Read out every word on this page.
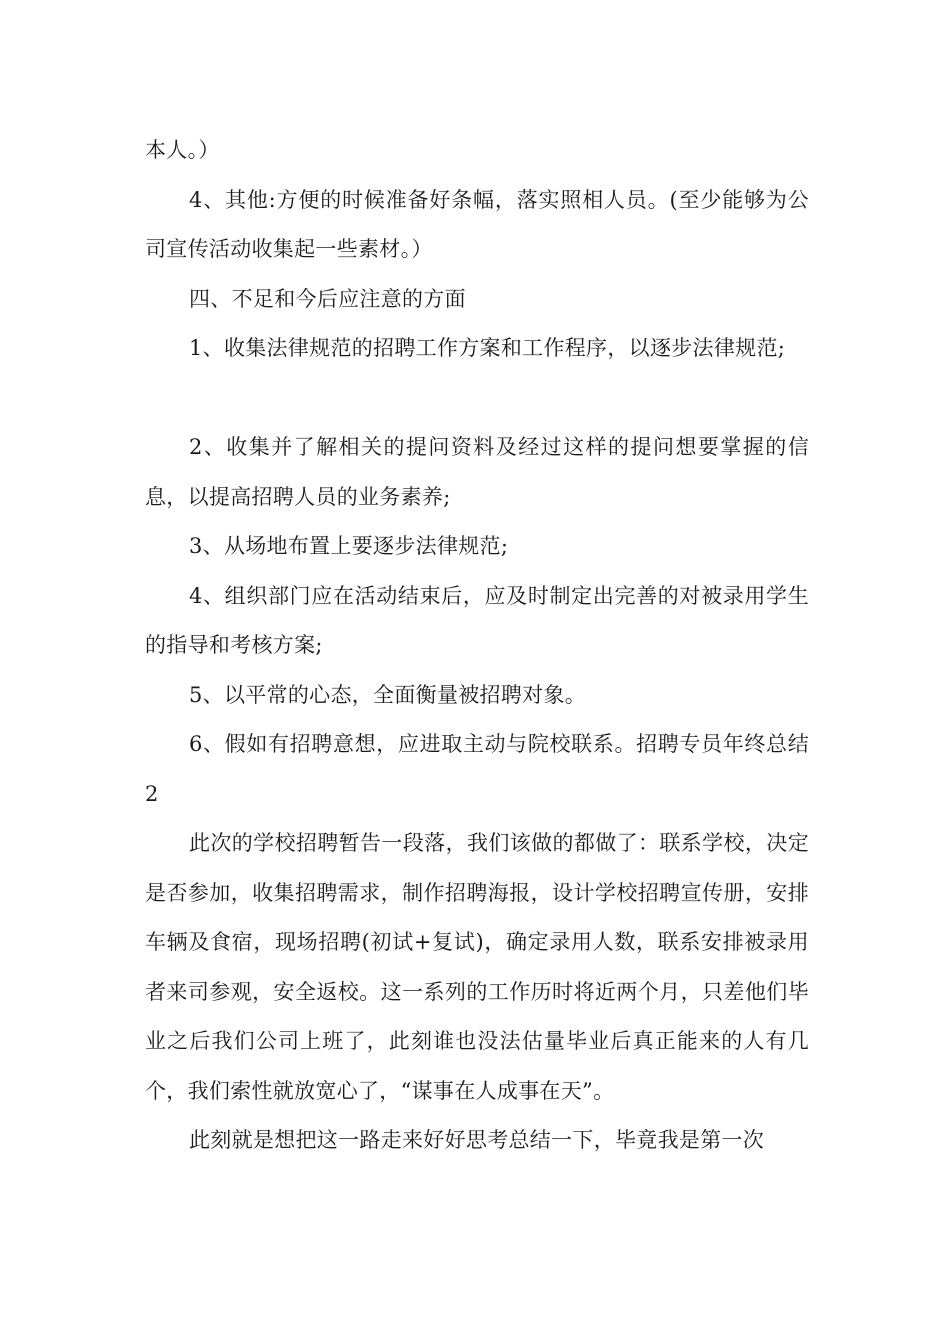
本人。）

4、其他:方便的时候准备好条幅，落实照相人员。(至少能够为公司宣传活动收集起一些素材。）

四、不足和今后应注意的方面

1、收集法律规范的招聘工作方案和工作程序，以逐步法律规范;

2、收集并了解相关的提问资料及经过这样的提问想要掌握的信息，以提高招聘人员的业务素养;

3、从场地布置上要逐步法律规范;

4、组织部门应在活动结束后，应及时制定出完善的对被录用学生的指导和考核方案;

5、以平常的心态，全面衡量被招聘对象。

6、假如有招聘意想，应进取主动与院校联系。招聘专员年终总结2

此次的学校招聘暂告一段落，我们该做的都做了：联系学校，决定是否参加，收集招聘需求，制作招聘海报，设计学校招聘宣传册，安排车辆及食宿，现场招聘(初试+复试)，确定录用人数，联系安排被录用者来司参观，安全返校。这一系列的工作历时将近两个月，只差他们毕业之后我们公司上班了，此刻谁也没法估量毕业后真正能来的人有几个，我们索性就放宽心了，“谋事在人成事在天”。

此刻就是想把这一路走来好好思考总结一下，毕竟我是第一次
